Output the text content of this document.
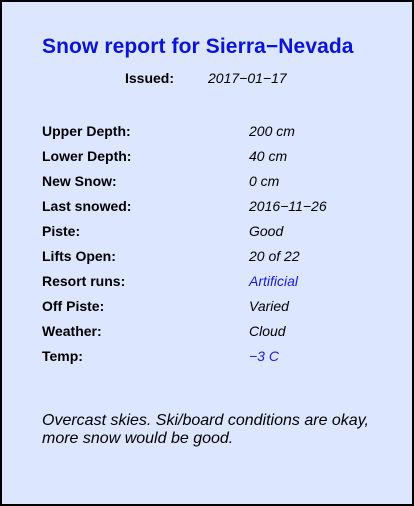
Snow report for Sierra−Nevada
Issued: 2017−01−17
Upper Depth:	200 cm
Lower Depth:	40 cm
New Snow:	0 cm
Last snowed:	2016−11−26
Piste:	Good
Lifts Open:	20 of 22
Resort runs:	Artificial
Off Piste:	Varied
Weather:	Cloud
Temp:	−3 C
Overcast skies. Ski/board conditions are okay, more snow would be good.
